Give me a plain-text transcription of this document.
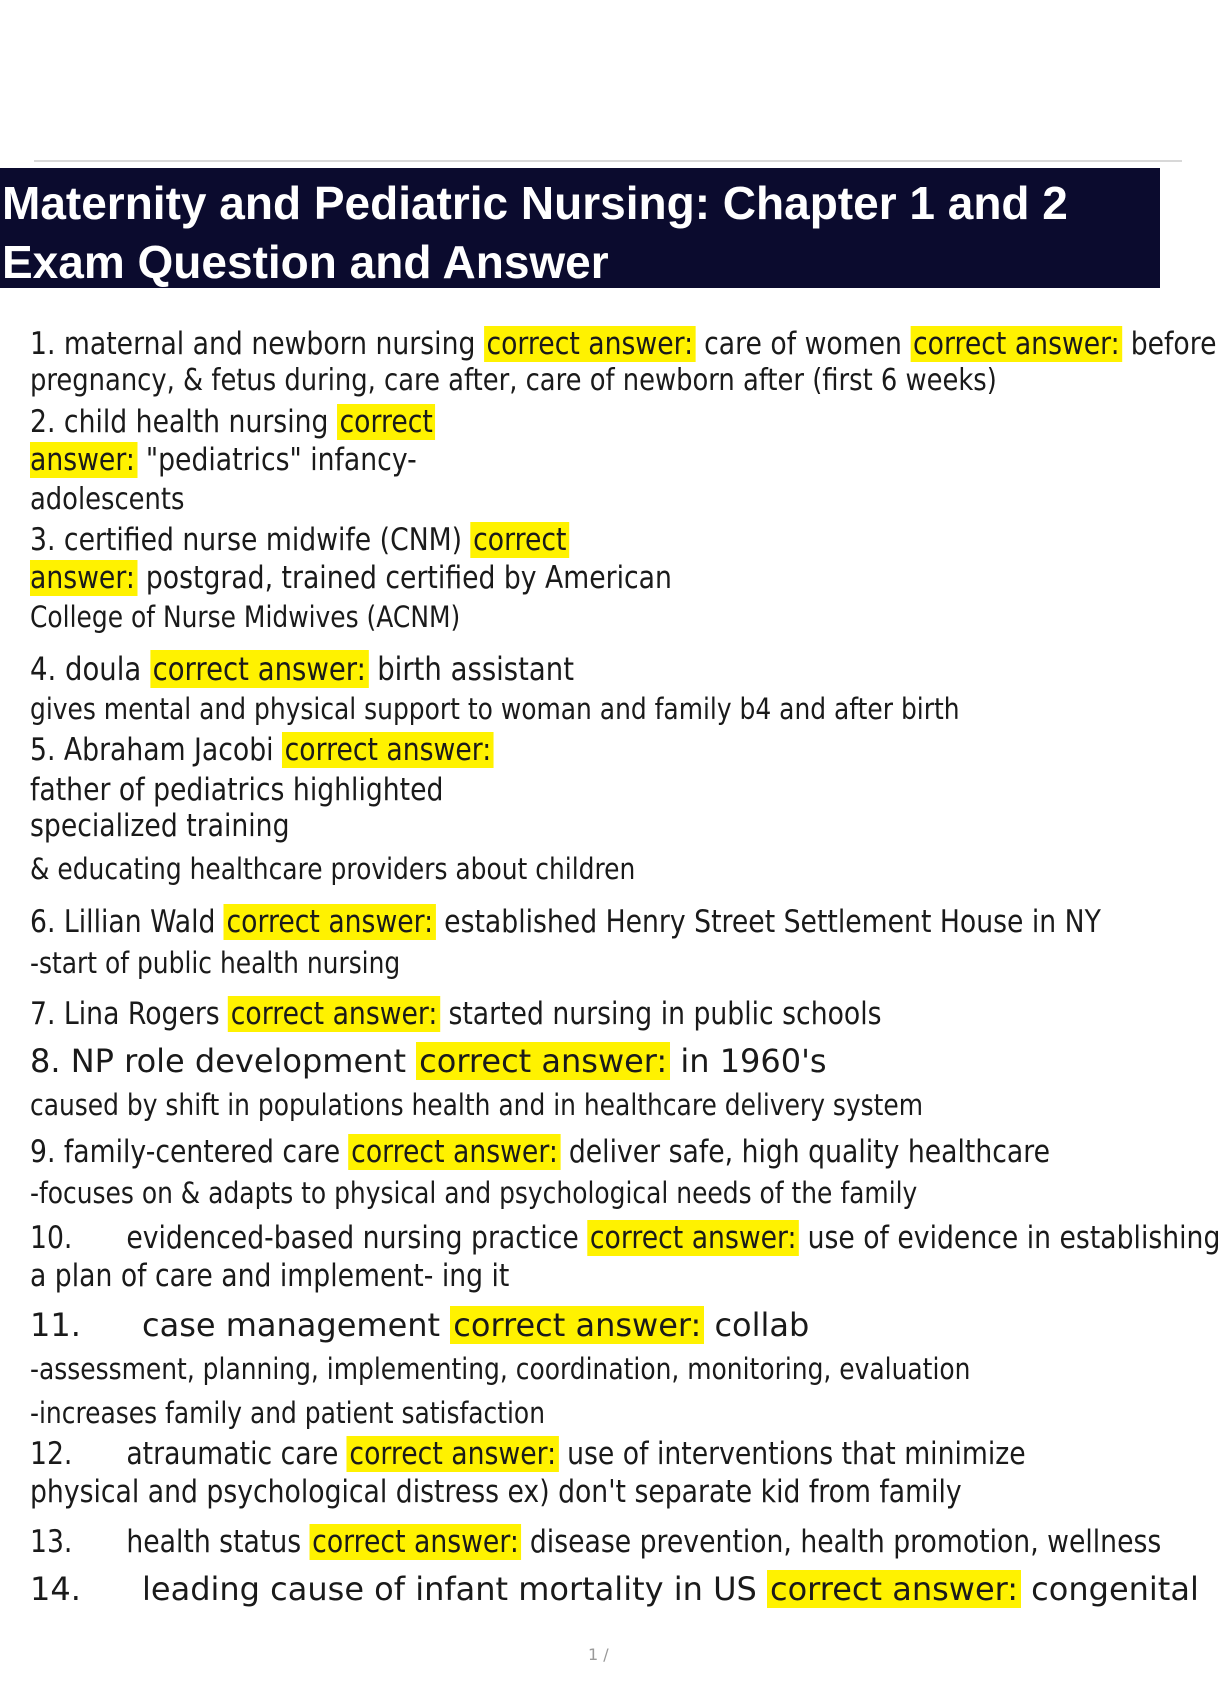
Maternity and Pediatric Nursing: Chapter 1 and 2
Exam Question and Answer
1. maternal and newborn nursing correct answer: care of women correct answer: before
pregnancy, & fetus during, care after, care of newborn after (first 6 weeks)
2. child health nursing correct
answer: "pediatrics" infancy-
adolescents
3. certified nurse midwife (CNM) correct
answer: postgrad, trained certified by American
College of Nurse Midwives (ACNM)
4. doula correct answer: birth assistant
gives mental and physical support to woman and family b4 and after birth
5. Abraham Jacobi correct answer:
father of pediatrics highlighted
specialized training
& educating healthcare providers about children
6. Lillian Wald correct answer: established Henry Street Settlement House in NY
-start of public health nursing
7. Lina Rogers correct answer: started nursing in public schools
8. NP role development correct answer: in 1960's
caused by shift in populations health and in healthcare delivery system
9. family-centered care correct answer: deliver safe, high quality healthcare
-focuses on & adapts to physical and psychological needs of the family
10. evidenced-based nursing practice correct answer: use of evidence in establishing
a plan of care and implement- ing it
11. case management correct answer: collab
-assessment, planning, implementing, coordination, monitoring, evaluation
-increases family and patient satisfaction
12. atraumatic care correct answer: use of interventions that minimize
physical and psychological distress ex) don't separate kid from family
13. health status correct answer: disease prevention, health promotion, wellness
14. leading cause of infant mortality in US correct answer: congenital
1 /
